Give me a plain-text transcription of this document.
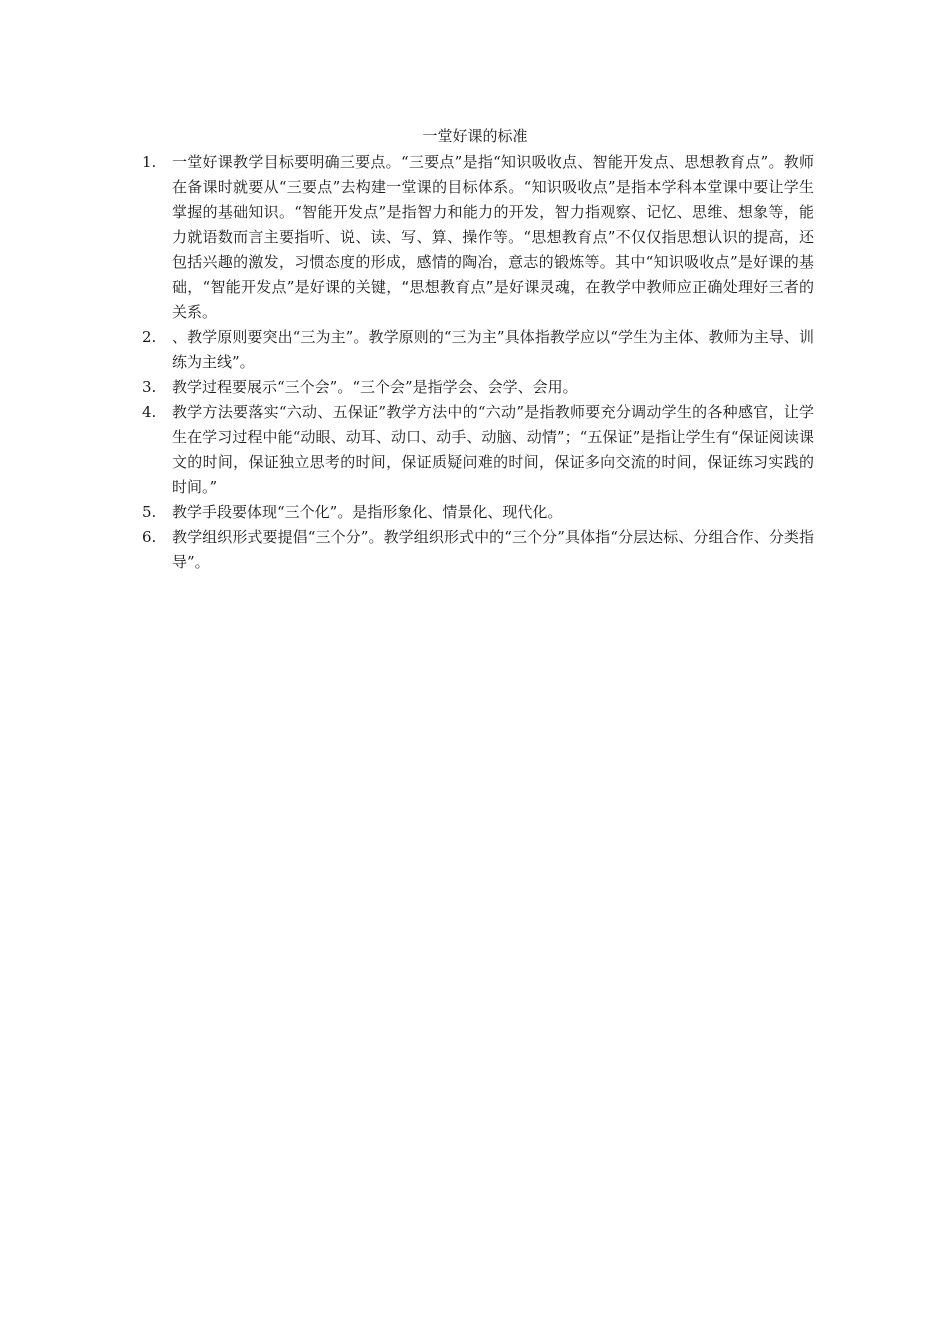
一堂好课的标准
1.	一堂好课教学目标要明确三要点。“三要点”是指“知识吸收点、智能开发点、思想教育点”。教师在备课时就要从“三要点”去构建一堂课的目标体系。“知识吸收点”是指本学科本堂课中要让学生掌握的基础知识。“智能开发点”是指智力和能力的开发，智力指观察、记忆、思维、想象等，能力就语数而言主要指听、说、读、写、算、操作等。“思想教育点”不仅仅指思想认识的提高，还包括兴趣的激发，习惯态度的形成，感情的陶冶，意志的锻炼等。其中“知识吸收点”是好课的基础，“智能开发点”是好课的关键，“思想教育点”是好课灵魂，在教学中教师应正确处理好三者的关系。
2.	、教学原则要突出“三为主”。教学原则的“三为主”具体指教学应以“学生为主体、教师为主导、训练为主线”。
3.	教学过程要展示“三个会”。“三个会”是指学会、会学、会用。
4.	教学方法要落实“六动、五保证”教学方法中的“六动”是指教师要充分调动学生的各种感官，让学生在学习过程中能“动眼、动耳、动口、动手、动脑、动情”；“五保证”是指让学生有“保证阅读课文的时间，保证独立思考的时间，保证质疑问难的时间，保证多向交流的时间，保证练习实践的时间。”
5.	教学手段要体现“三个化”。是指形象化、情景化、现代化。
6.	教学组织形式要提倡“三个分”。教学组织形式中的“三个分”具体指“分层达标、分组合作、分类指导”。
